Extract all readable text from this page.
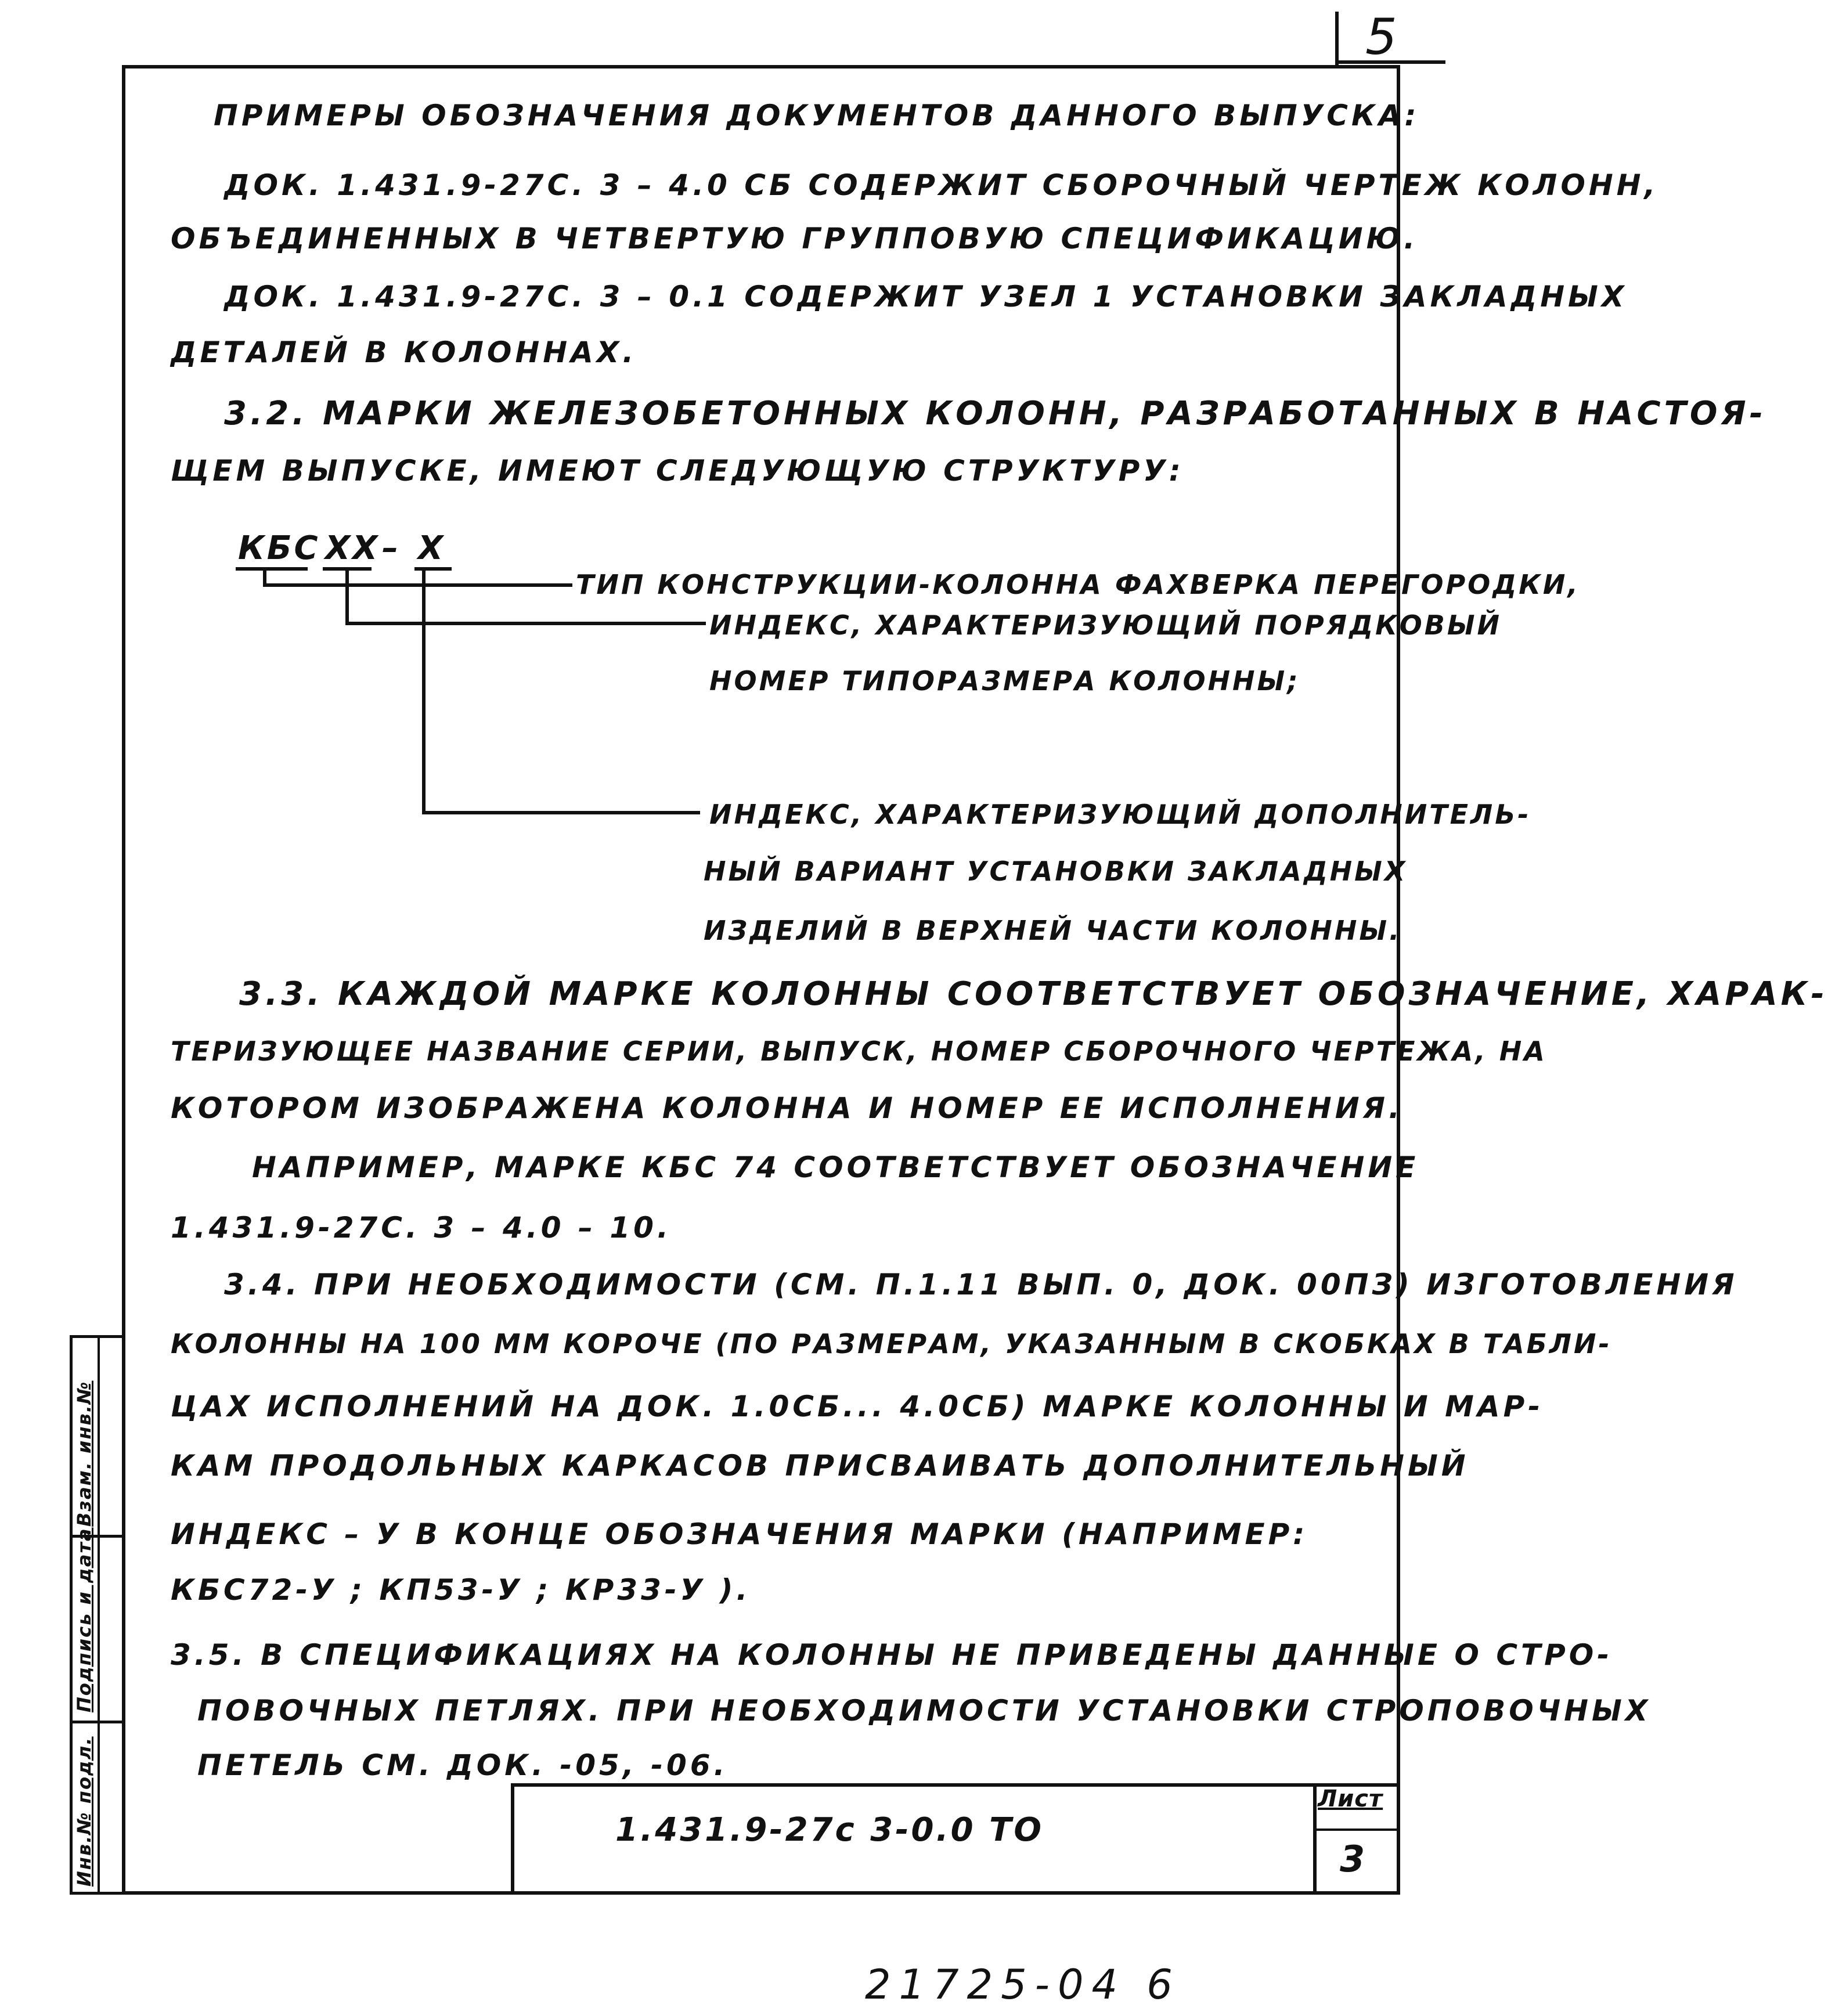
5
ПРИМЕРЫ ОБОЗНАЧЕНИЯ ДОКУМЕНТОВ ДАННОГО ВЫПУСКА:
ДОК. 1.431.9-27С. 3 – 4.0 СБ СОДЕРЖИТ СБОРОЧНЫЙ ЧЕРТЕЖ КОЛОНН,
ОБЪЕДИНЕННЫХ В ЧЕТВЕРТУЮ ГРУППОВУЮ СПЕЦИФИКАЦИЮ.
ДОК. 1.431.9-27С. 3 – 0.1 СОДЕРЖИТ УЗЕЛ 1 УСТАНОВКИ ЗАКЛАДНЫХ
ДЕТАЛЕЙ В КОЛОННАХ.
3.2. МАРКИ ЖЕЛЕЗОБЕТОННЫХ КОЛОНН, РАЗРАБОТАННЫХ В НАСТОЯ-
ЩЕМ ВЫПУСКЕ, ИМЕЮТ СЛЕДУЮЩУЮ СТРУКТУРУ:
КБС ХХ – Х
ТИП КОНСТРУКЦИИ-КОЛОННА ФАХВЕРКА ПЕРЕГОРОДКИ,
ИНДЕКС, ХАРАКТЕРИЗУЮЩИЙ ПОРЯДКОВЫЙ
НОМЕР ТИПОРАЗМЕРА КОЛОННЫ;
ИНДЕКС, ХАРАКТЕРИЗУЮЩИЙ ДОПОЛНИТЕЛЬ-
НЫЙ ВАРИАНТ УСТАНОВКИ ЗАКЛАДНЫХ
ИЗДЕЛИЙ В ВЕРХНЕЙ ЧАСТИ КОЛОННЫ.
3.3. КАЖДОЙ МАРКЕ КОЛОННЫ СООТВЕТСТВУЕТ ОБОЗНАЧЕНИЕ, ХАРАК-
ТЕРИЗУЮЩЕЕ НАЗВАНИЕ СЕРИИ, ВЫПУСК, НОМЕР СБОРОЧНОГО ЧЕРТЕЖА, НА
КОТОРОМ ИЗОБРАЖЕНА КОЛОННА И НОМЕР ЕЕ ИСПОЛНЕНИЯ.
НАПРИМЕР, МАРКЕ КБС 74 СООТВЕТСТВУЕТ ОБОЗНАЧЕНИЕ
1.431.9-27С. 3 – 4.0 – 10.
3.4. ПРИ НЕОБХОДИМОСТИ (СМ. П.1.11 ВЫП. 0, ДОК. 00ПЗ) ИЗГОТОВЛЕНИЯ
КОЛОННЫ НА 100 ММ КОРОЧЕ (ПО РАЗМЕРАМ, УКАЗАННЫМ В СКОБКАХ В ТАБЛИ-
ЦАХ ИСПОЛНЕНИЙ НА ДОК. 1.0СБ... 4.0СБ) МАРКЕ КОЛОННЫ И МАР-
КАМ ПРОДОЛЬНЫХ КАРКАСОВ ПРИСВАИВАТЬ ДОПОЛНИТЕЛЬНЫЙ
ИНДЕКС – У В КОНЦЕ ОБОЗНАЧЕНИЯ МАРКИ (НАПРИМЕР:
КБС72-У ; КП53-У ; КР33-У ).
3.5. В СПЕЦИФИКАЦИЯХ НА КОЛОННЫ НЕ ПРИВЕДЕНЫ ДАННЫЕ О СТРО-
ПОВОЧНЫХ ПЕТЛЯХ. ПРИ НЕОБХОДИМОСТИ УСТАНОВКИ СТРОПОВОЧНЫХ
ПЕТЕЛЬ СМ. ДОК. -05, -06.
1.431.9-27с 3-0.0 ТО
Лист
3
Инв.№ подл.
Подпись и дата
Взам. инв.№
21725-04 6
